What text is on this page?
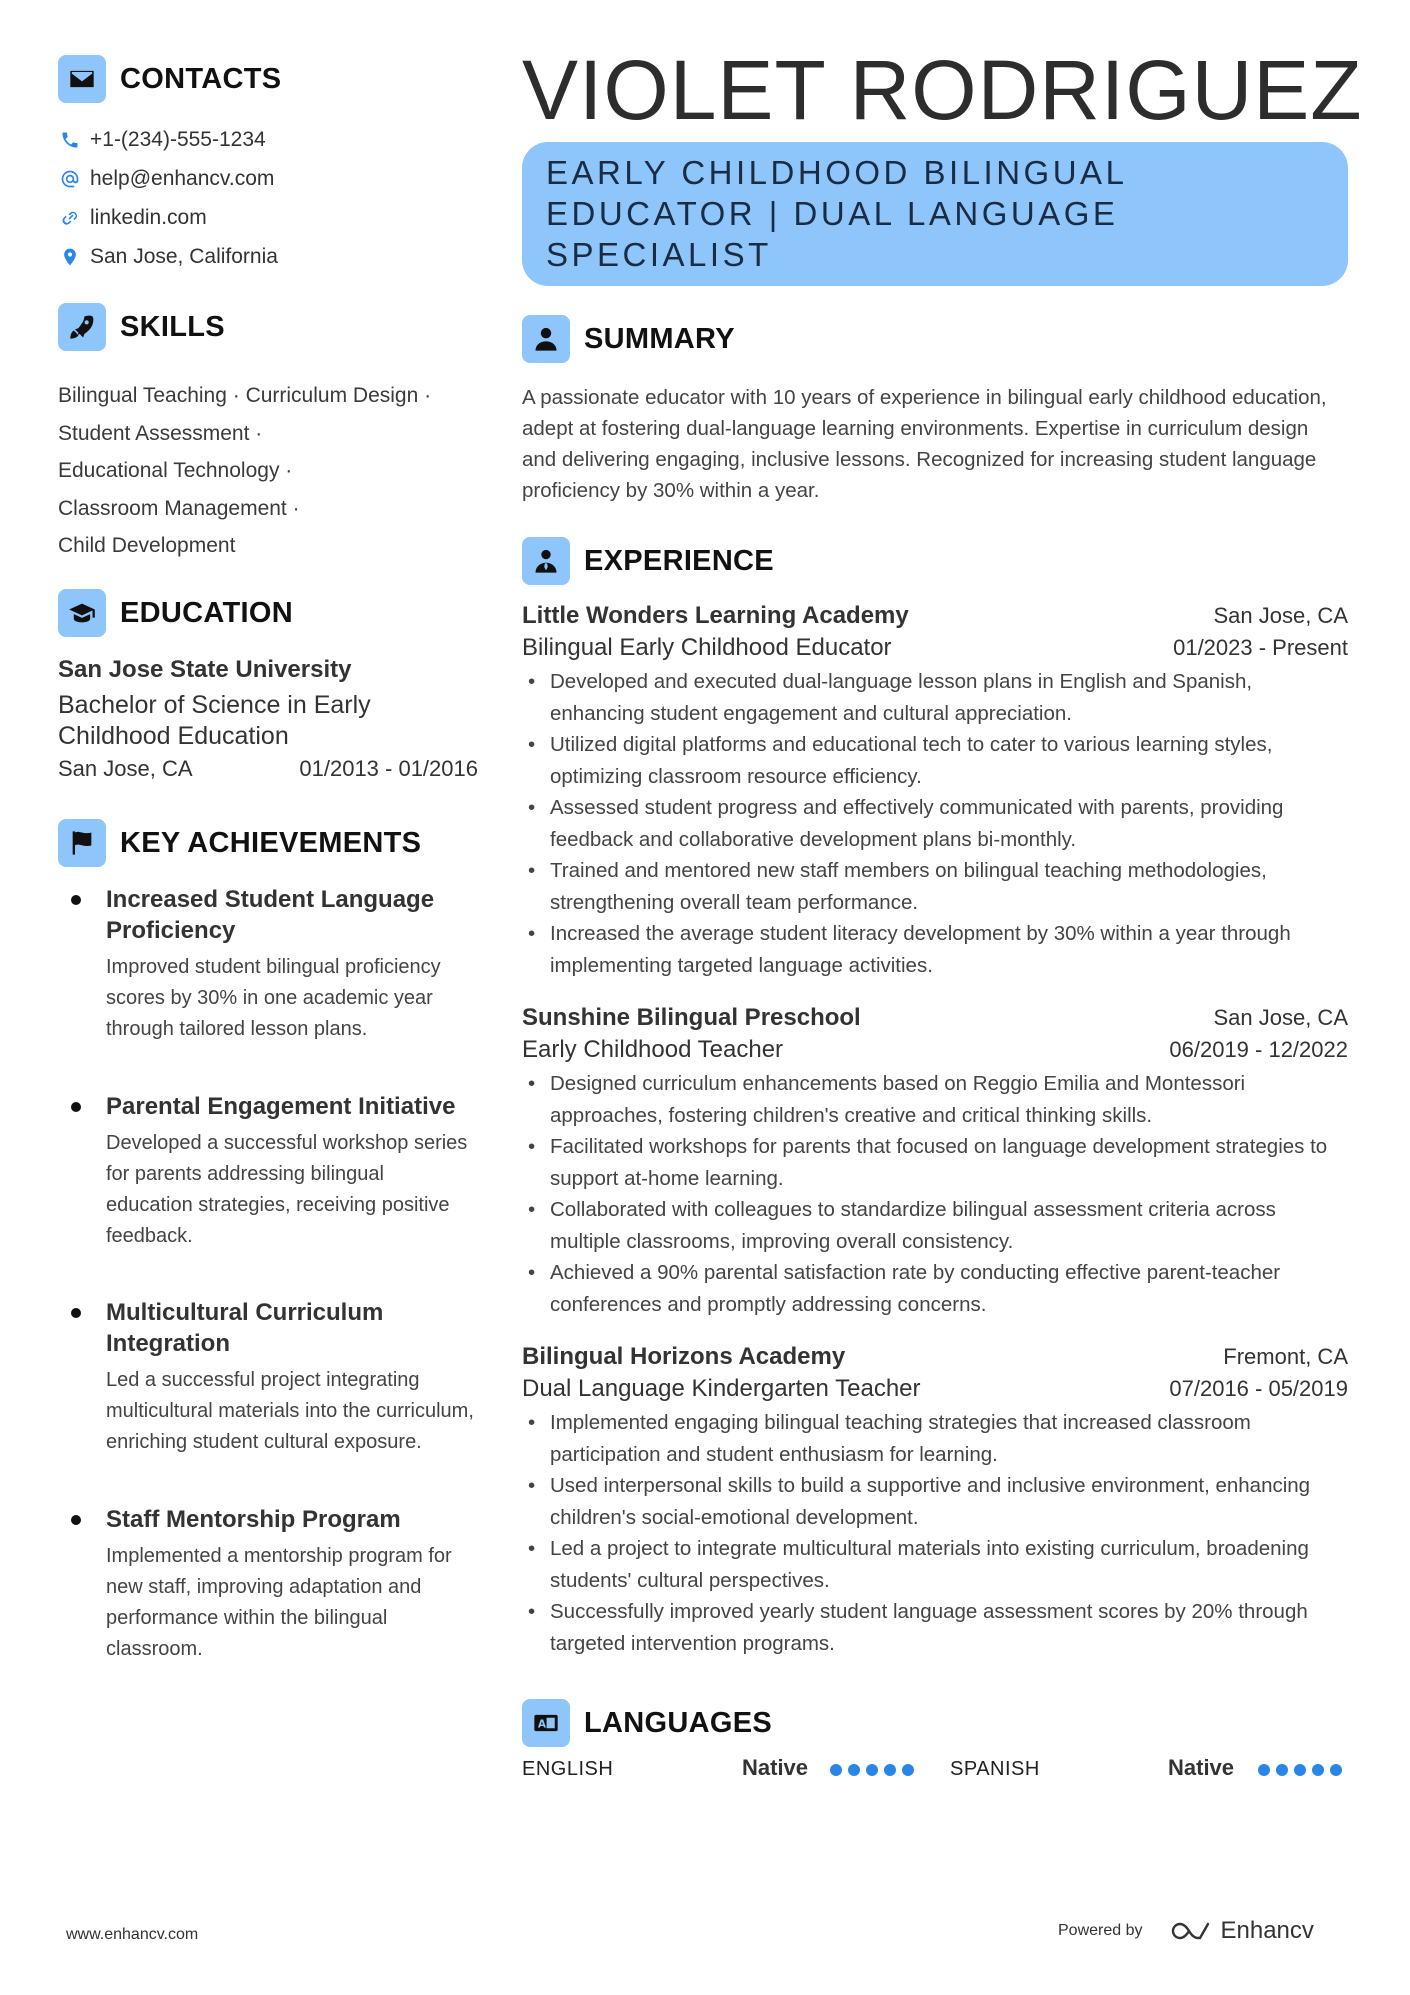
CONTACTS
+1-(234)-555-1234
help@enhancv.com
linkedin.com
San Jose, California
SKILLS
Bilingual Teaching · Curriculum Design ·
Student Assessment ·
Educational Technology ·
Classroom Management ·
Child Development
EDUCATION
San Jose State University
Bachelor of Science in Early Childhood Education
San Jose, CA	01/2013 - 01/2016
KEY ACHIEVEMENTS
Increased Student Language Proficiency
Improved student bilingual proficiency scores by 30% in one academic year through tailored lesson plans.
Parental Engagement Initiative
Developed a successful workshop series for parents addressing bilingual education strategies, receiving positive feedback.
Multicultural Curriculum Integration
Led a successful project integrating multicultural materials into the curriculum, enriching student cultural exposure.
Staff Mentorship Program
Implemented a mentorship program for new staff, improving adaptation and performance within the bilingual classroom.
VIOLET RODRIGUEZ
EARLY CHILDHOOD BILINGUAL
EDUCATOR | DUAL LANGUAGE
SPECIALIST
SUMMARY
A passionate educator with 10 years of experience in bilingual early childhood education, adept at fostering dual-language learning environments. Expertise in curriculum design and delivering engaging, inclusive lessons. Recognized for increasing student language proficiency by 30% within a year.
EXPERIENCE
Little Wonders Learning Academy	San Jose, CA
Bilingual Early Childhood Educator	01/2023 - Present
• Developed and executed dual-language lesson plans in English and Spanish, enhancing student engagement and cultural appreciation.
• Utilized digital platforms and educational tech to cater to various learning styles, optimizing classroom resource efficiency.
• Assessed student progress and effectively communicated with parents, providing feedback and collaborative development plans bi-monthly.
• Trained and mentored new staff members on bilingual teaching methodologies, strengthening overall team performance.
• Increased the average student literacy development by 30% within a year through implementing targeted language activities.
Sunshine Bilingual Preschool	San Jose, CA
Early Childhood Teacher	06/2019 - 12/2022
• Designed curriculum enhancements based on Reggio Emilia and Montessori approaches, fostering children's creative and critical thinking skills.
• Facilitated workshops for parents that focused on language development strategies to support at-home learning.
• Collaborated with colleagues to standardize bilingual assessment criteria across multiple classrooms, improving overall consistency.
• Achieved a 90% parental satisfaction rate by conducting effective parent-teacher conferences and promptly addressing concerns.
Bilingual Horizons Academy	Fremont, CA
Dual Language Kindergarten Teacher	07/2016 - 05/2019
• Implemented engaging bilingual teaching strategies that increased classroom participation and student enthusiasm for learning.
• Used interpersonal skills to build a supportive and inclusive environment, enhancing children's social-emotional development.
• Led a project to integrate multicultural materials into existing curriculum, broadening students' cultural perspectives.
• Successfully improved yearly student language assessment scores by 20% through targeted intervention programs.
A LANGUAGES
ENGLISH	Native	SPANISH	Native
www.enhancv.com	Powered by	Enhancv
